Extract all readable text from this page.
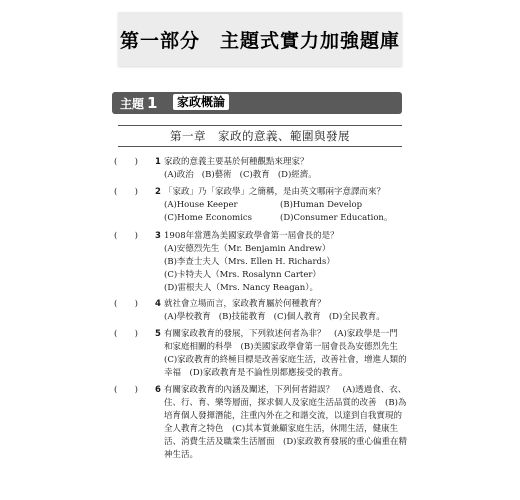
第一部分　主題式實力加強題庫
主題 1	家政概論
第一章　家政的意義、範圍與發展
( ) 1 家政的意義主要基於何種觀點來理家？
(A)政治 (B)藝術 (C)教育 (D)經濟。
( ) 2 「家政」乃「家政學」之簡稱，是由英文哪兩字意譯而來？
(A)House Keeper	(B)Human Develop
(C)Home Economics	(D)Consumer Education。
( ) 3 1908年當選為美國家政學會第一屆會長的是？
(A)安德烈先生（Mr. Benjamin Andrew）
(B)李查士夫人（Mrs. Ellen H. Richards）
(C)卡特夫人（Mrs. Rosalynn Carter）
(D)雷根夫人（Mrs. Nancy Reagan）。
( ) 4 就社會立場而言，家政教育屬於何種教育？
(A)學校教育 (B)技能教育 (C)個人教育 (D)全民教育。
( ) 5 有關家政教育的發展，下列敘述何者為非？　(A)家政學是一門
和家庭相關的科學　(B)美國家政學會第一屆會長為安德烈先生
(C)家政教育的終極目標是改善家庭生活，改善社會，增進人類的
幸福　(D)家政教育是不論性別都應接受的教育。
( ) 6 有關家政教育的內涵及闡述，下列何者錯誤？　(A)透過食、衣、
住、行、育、樂等層面，探求個人及家庭生活品質的改善　(B)為
培育個人發揮潛能，注重內外在之和諧交流，以達到自我實現的
全人教育之特色　(C)其本質兼顧家庭生活，休閒生活，健康生
活、消費生活及職業生活層面　(D)家政教育發展的重心偏重在精
神生活。
